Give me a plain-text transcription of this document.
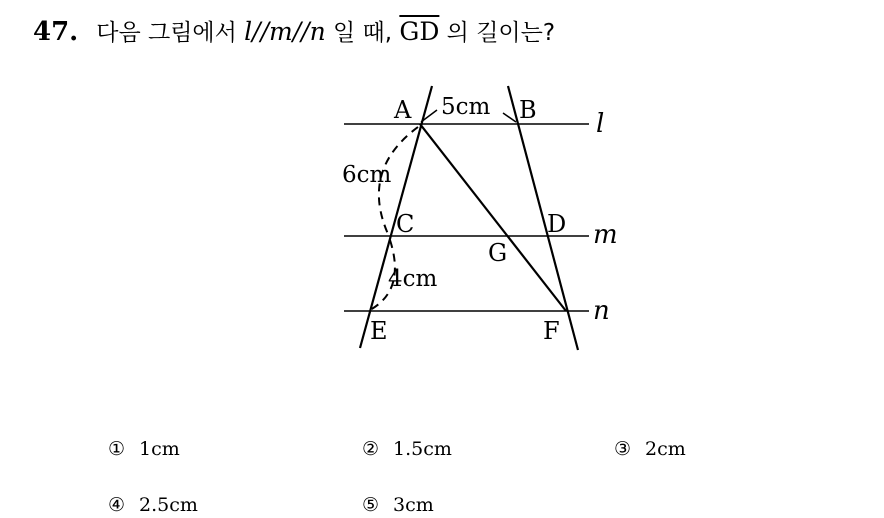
47. 다음 그림에서 l//m//n 일 때, $\overline{GD}$ 의 길이는?
A	B
C	D
G
E	F
l
m
n
5cm
6cm
4cm
① 1cm	② 1.5cm	③ 2cm
④ 2.5cm	⑤ 3cm
